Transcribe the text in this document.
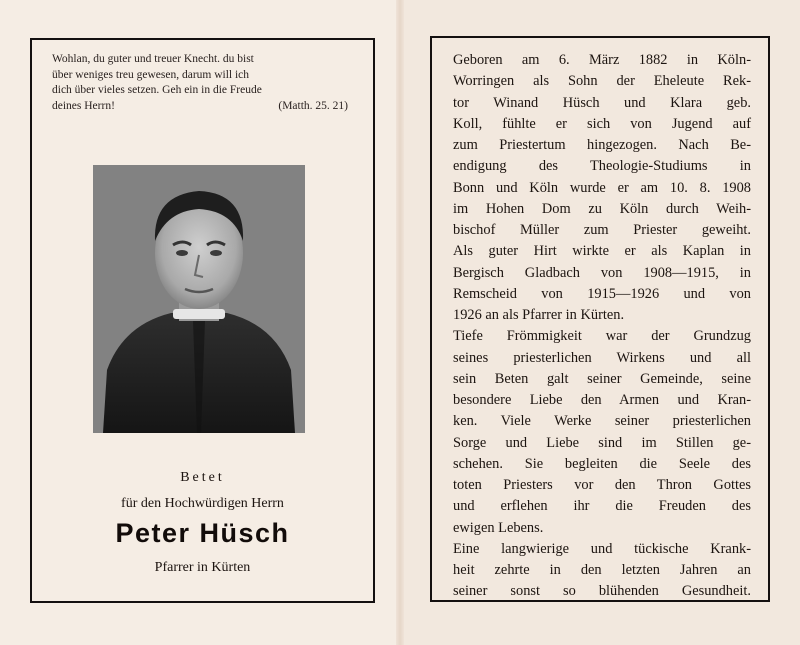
Wohlan, du guter und treuer Knecht. du bist

über weniges treu gewesen, darum will ich

dich über vieles setzen. Geh ein in die Freude

deines Herrn!	(Matth. 25. 21)
Betet
für den Hochwürdigen Herrn
Peter Hüsch
Pfarrer in Kürten
Geboren am 6. März 1882 in Köln-
Worringen als Sohn der Eheleute Rek-
tor Winand Hüsch und Klara geb.
Koll, fühlte er sich von Jugend auf
zum Priestertum hingezogen. Nach Be-
endigung des Theologie-Studiums in
Bonn und Köln wurde er am 10. 8. 1908
im Hohen Dom zu Köln durch Weih-
bischof Müller zum Priester geweiht.
Als guter Hirt wirkte er als Kaplan in
Bergisch Gladbach von 1908—1915, in
Remscheid von 1915—1926 und von
1926 an als Pfarrer in Kürten.
Tiefe Frömmigkeit war der Grundzug
seines priesterlichen Wirkens und all
sein Beten galt seiner Gemeinde, seine
besondere Liebe den Armen und Kran-
ken. Viele Werke seiner priesterlichen
Sorge und Liebe sind im Stillen ge-
schehen. Sie begleiten die Seele des
toten Priesters vor den Thron Gottes
und erflehen ihr die Freuden des
ewigen Lebens.
Eine langwierige und tückische Krank-
heit zehrte in den letzten Jahren an
seiner sonst so blühenden Gesundheit.
